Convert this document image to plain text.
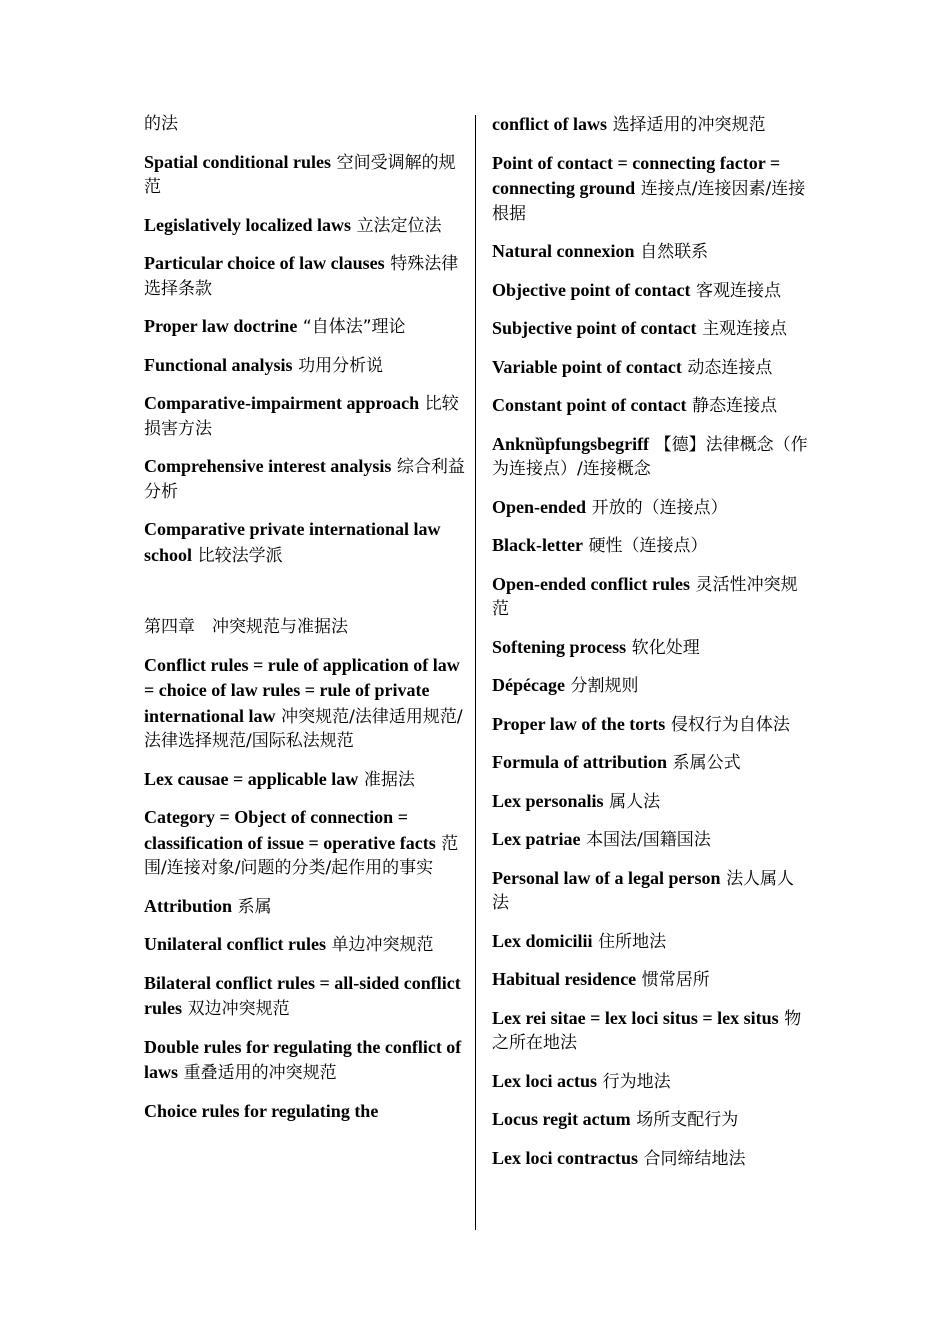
的法
Spatial conditional rules 空间受调解的规范
Legislatively localized laws 立法定位法
Particular choice of law clauses 特殊法律选择条款
Proper law doctrine “自体法”理论
Functional analysis 功用分析说
Comparative-impairment approach 比较损害方法
Comprehensive interest analysis 综合利益分析
Comparative private international law school 比较法学派
第四章　冲突规范与准据法
Conflict rules = rule of application of law = choice of law rules = rule of private international law 冲突规范/法律适用规范/法律选择规范/国际私法规范
Lex causae = applicable law 准据法
Category = Object of connection = classification of issue = operative facts 范围/连接对象/问题的分类/起作用的事实
Attribution 系属
Unilateral conflict rules 单边冲突规范
Bilateral conflict rules = all-sided conflict rules 双边冲突规范
Double rules for regulating the conflict of laws 重叠适用的冲突规范
Choice rules for regulating the
conflict of laws 选择适用的冲突规范
Point of contact = connecting factor = connecting ground 连接点/连接因素/连接根据
Natural connexion 自然联系
Objective point of contact 客观连接点
Subjective point of contact 主观连接点
Variable point of contact 动态连接点
Constant point of contact 静态连接点
Anknȕpfungsbegriff 【德】法律概念（作为连接点）/连接概念
Open-ended 开放的（连接点）
Black-letter 硬性（连接点）
Open-ended conflict rules 灵活性冲突规范
Softening process 软化处理
Dépécage 分割规则
Proper law of the torts 侵权行为自体法
Formula of attribution 系属公式
Lex personalis 属人法
Lex patriae 本国法/国籍国法
Personal law of a legal person 法人属人法
Lex domicilii 住所地法
Habitual residence 惯常居所
Lex rei sitae = lex loci situs = lex situs 物之所在地法
Lex loci actus 行为地法
Locus regit actum 场所支配行为
Lex loci contractus 合同缔结地法
